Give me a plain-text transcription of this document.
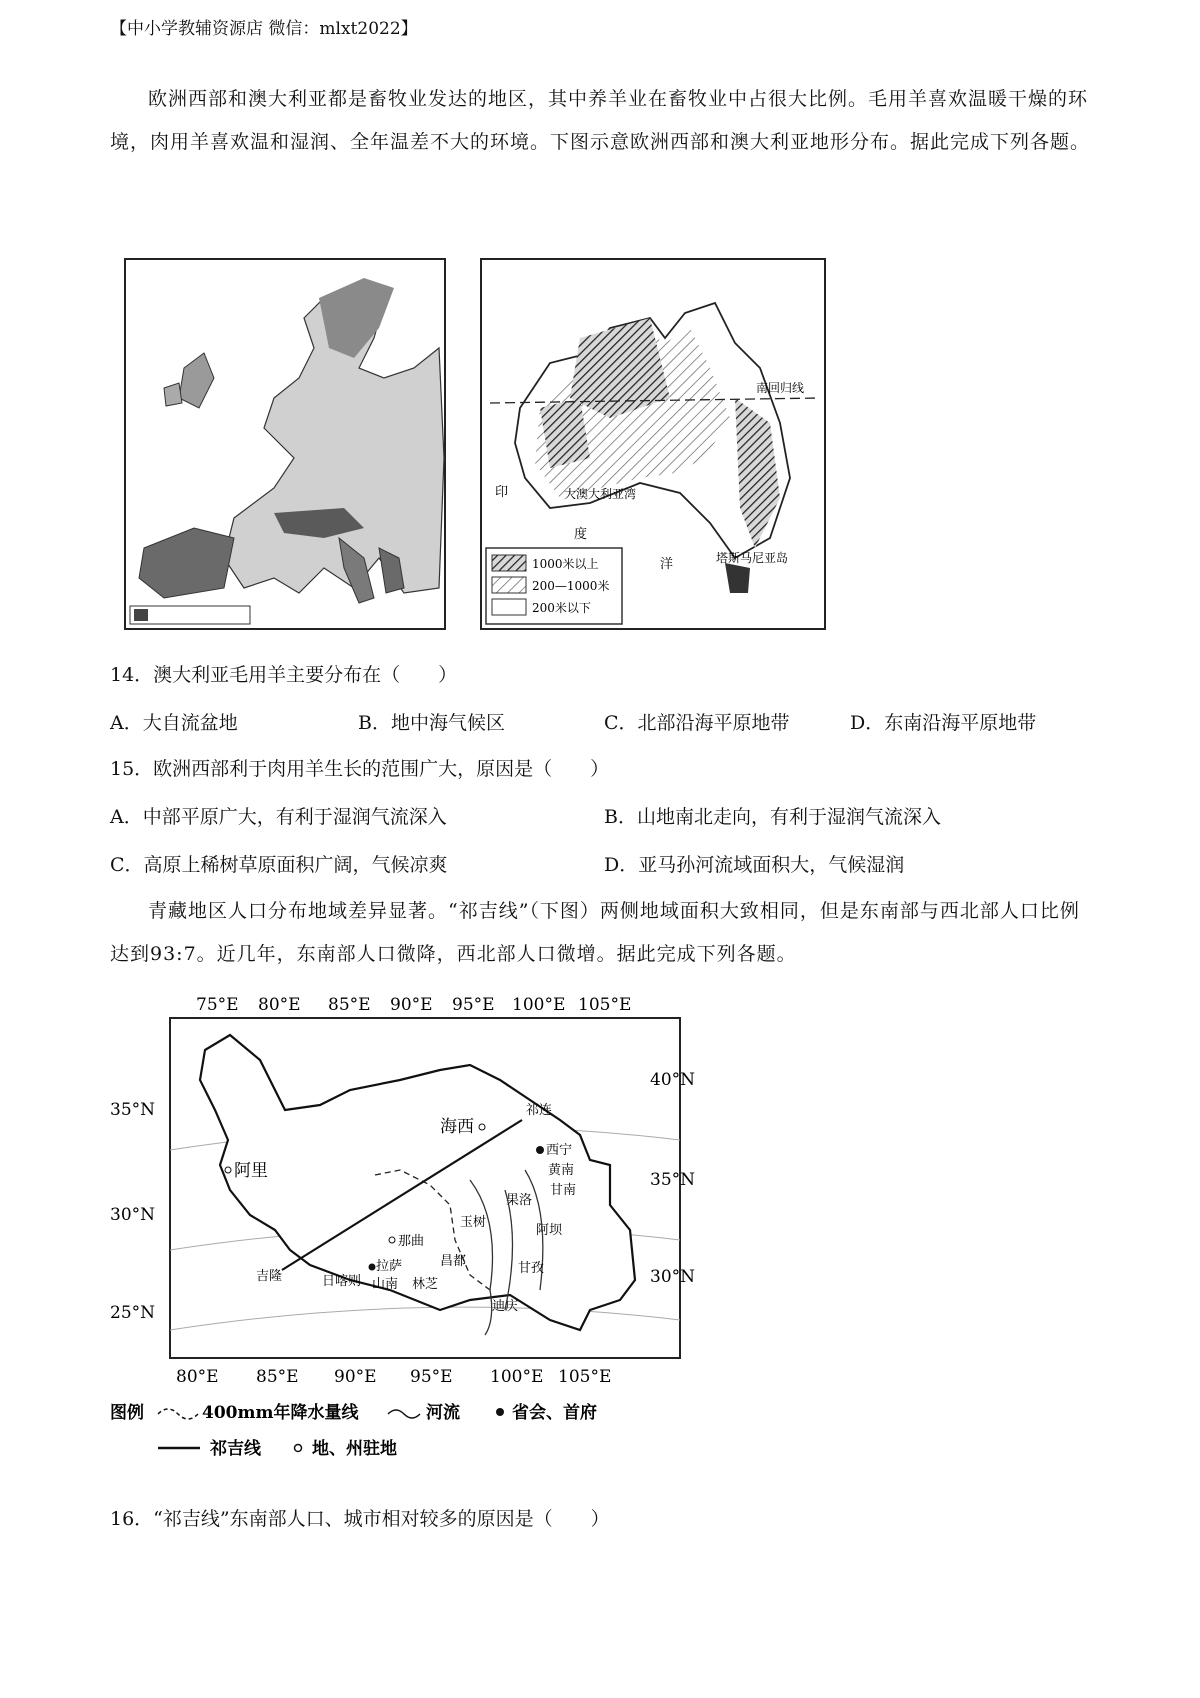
【中小学教辅资源店 微信：mlxt2022】
欧洲西部和澳大利亚都是畜牧业发达的地区，其中养羊业在畜牧业中占很大比例。毛用羊喜欢温暖干燥的环境，肉用羊喜欢温和湿润、全年温差不大的环境。下图示意欧洲西部和澳大利亚地形分布。据此完成下列各题。
南回归线
大澳大利亚湾
印
度
洋	塔斯马尼亚岛
1000米以上
200—1000米
200米以下
14．澳大利亚毛用羊主要分布在（　　）
A．大自流盆地	B．地中海气候区	C．北部沿海平原地带	D．东南沿海平原地带
15．欧洲西部利于肉用羊生长的范围广大，原因是（　　）
A．中部平原广大，有利于湿润气流深入	B．山地南北走向，有利于湿润气流深入
C．高原上稀树草原面积广阔，气候凉爽	D．亚马孙河流域面积大，气候湿润
青藏地区人口分布地域差异显著。“祁吉线”（下图）两侧地域面积大致相同，但是东南部与西北部人口比例达到93:7。近几年，东南部人口微降，西北部人口微增。据此完成下列各题。
75°E 80°E 85°E 90°E 95°E 100°E 105°E
80°E 85°E 90°E 95°E 100°E 105°E
35°N
30°N
25°N
40°N
35°N
30°N
祁连
海西
西宁
黄南
甘南
阿里
果洛
玉树
阿坝
那曲
拉萨	昌都	甘孜
吉隆	日喀则 山南 林芝
迪庆
图例	400mm年降水量线	河流	省会、首府
祁吉线	地、州驻地
16．“祁吉线”东南部人口、城市相对较多的原因是（　　）
